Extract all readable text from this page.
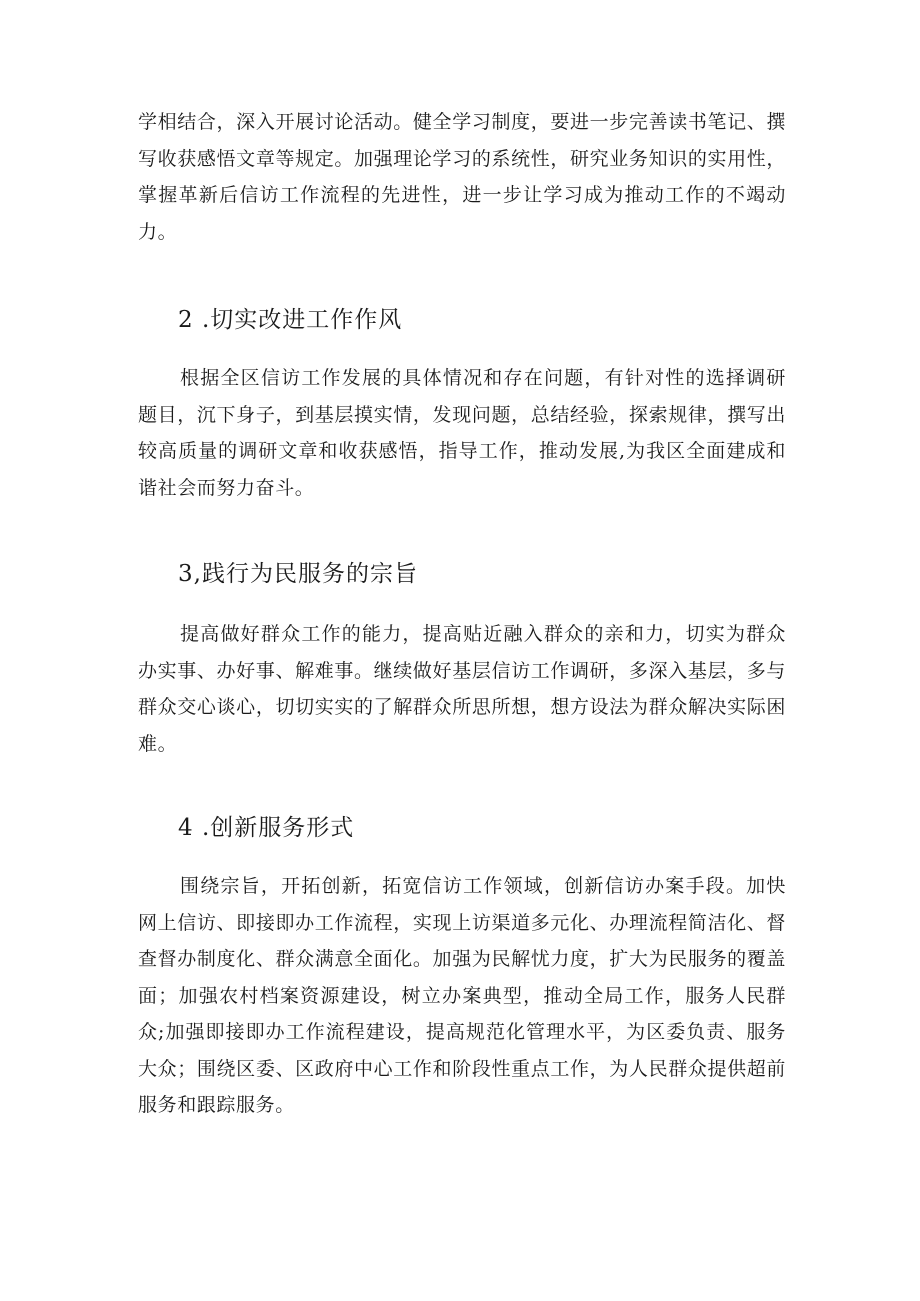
学相结合，深入开展讨论活动。健全学习制度，要进一步完善读书笔记、撰写收获感悟文章等规定。加强理论学习的系统性，研究业务知识的实用性，掌握革新后信访工作流程的先进性，进一步让学习成为推动工作的不竭动力。

2 .切实改进工作作风

根据全区信访工作发展的具体情况和存在问题，有针对性的选择调研题目，沉下身子，到基层摸实情，发现问题，总结经验，探索规律，撰写出较高质量的调研文章和收获感悟，指导工作，推动发展,为我区全面建成和谐社会而努力奋斗。

3,践行为民服务的宗旨

提高做好群众工作的能力，提高贴近融入群众的亲和力，切实为群众办实事、办好事、解难事。继续做好基层信访工作调研，多深入基层，多与群众交心谈心，切切实实的了解群众所思所想，想方设法为群众解决实际困难。

4 .创新服务形式

围绕宗旨，开拓创新，拓宽信访工作领域，创新信访办案手段。加快网上信访、即接即办工作流程，实现上访渠道多元化、办理流程简洁化、督查督办制度化、群众满意全面化。加强为民解忧力度，扩大为民服务的覆盖面；加强农村档案资源建设，树立办案典型，推动全局工作，服务人民群众;加强即接即办工作流程建设，提高规范化管理水平，为区委负责、服务大众；围绕区委、区政府中心工作和阶段性重点工作，为人民群众提供超前服务和跟踪服务。
